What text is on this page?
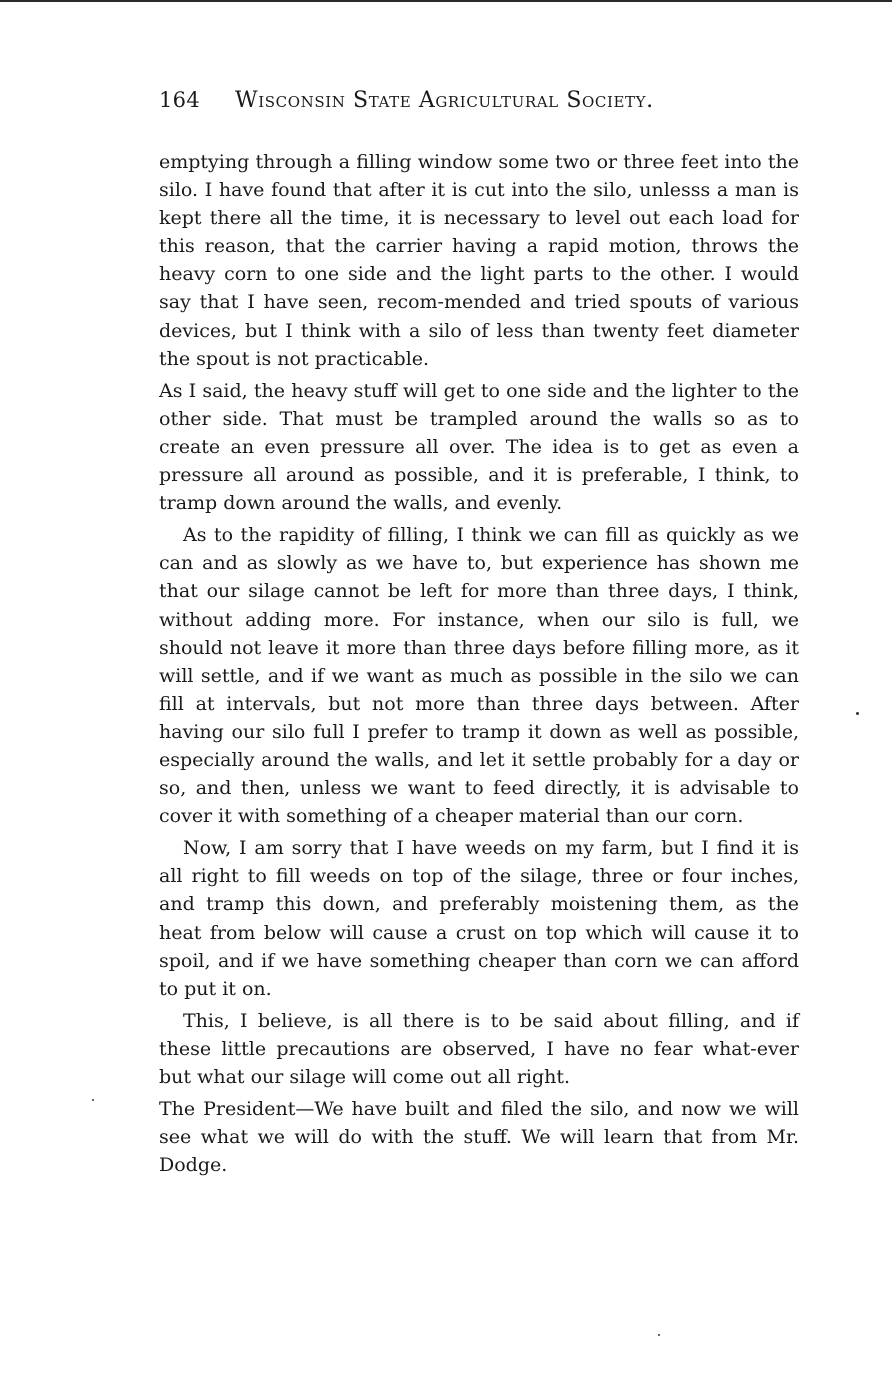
164	Wisconsin State Agricultural Society.

emptying through a filling window some two or three feet into the silo. I have found that after it is cut into the silo, unlesss a man is kept there all the time, it is necessary to level out each load for this reason, that the carrier having a rapid motion, throws the heavy corn to one side and the light parts to the other. I would say that I have seen, recom-mended and tried spouts of various devices, but I think with a silo of less than twenty feet diameter the spout is not practicable.

As I said, the heavy stuff will get to one side and the lighter to the other side. That must be trampled around the walls so as to create an even pressure all over. The idea is to get as even a pressure all around as possible, and it is preferable, I think, to tramp down around the walls, and evenly.

As to the rapidity of filling, I think we can fill as quickly as we can and as slowly as we have to, but experience has shown me that our silage cannot be left for more than three days, I think, without adding more. For instance, when our silo is full, we should not leave it more than three days before filling more, as it will settle, and if we want as much as possible in the silo we can fill at intervals, but not more than three days between. After having our silo full I prefer to tramp it down as well as possible, especially around the walls, and let it settle probably for a day or so, and then, unless we want to feed directly, it is advisable to cover it with something of a cheaper material than our corn.

Now, I am sorry that I have weeds on my farm, but I find it is all right to fill weeds on top of the silage, three or four inches, and tramp this down, and preferably moistening them, as the heat from below will cause a crust on top which will cause it to spoil, and if we have something cheaper than corn we can afford to put it on.

This, I believe, is all there is to be said about filling, and if these little precautions are observed, I have no fear what-ever but what our silage will come out all right.

The President—We have built and filed the silo, and now we will see what we will do with the stuff. We will learn that from Mr. Dodge.
